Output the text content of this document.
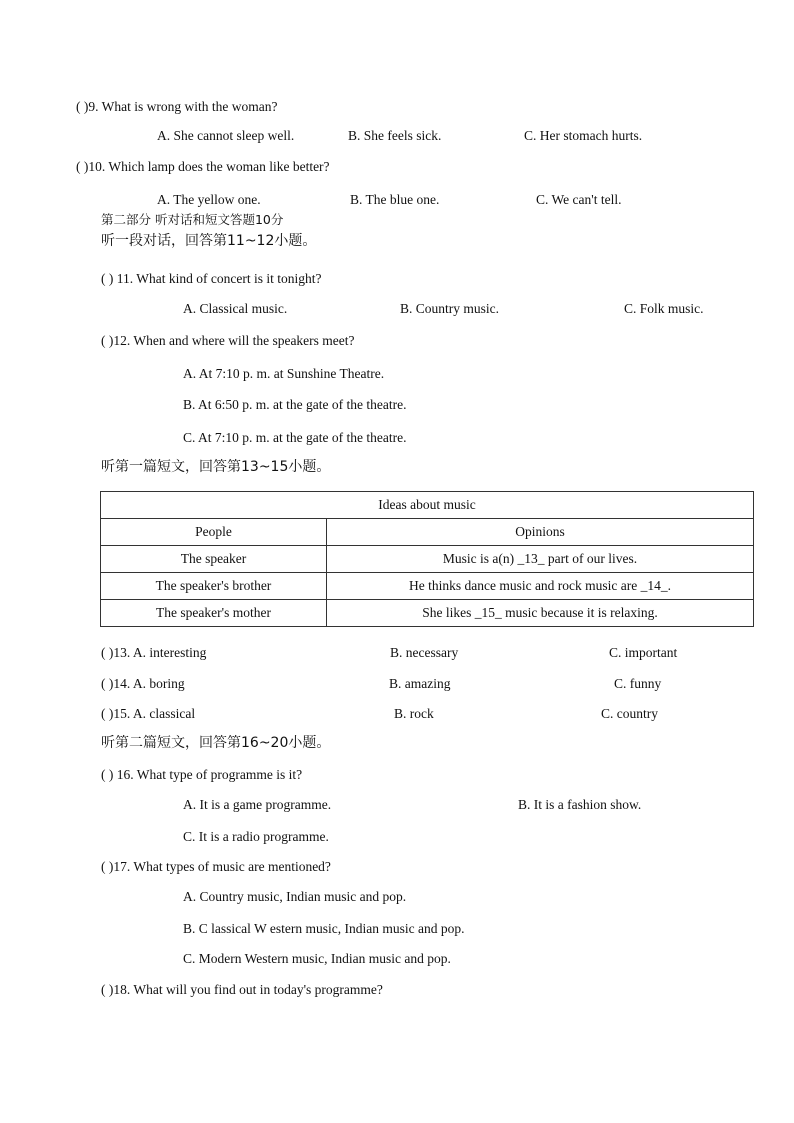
( )9. What is wrong with the woman?
A. She cannot sleep well.	B. She feels sick.	C. Her stomach hurts.
( )10. Which lamp does the woman like better?
A. The yellow one.	B. The blue one.	C. We can't tell.
第二部分 听对话和短文答题10分
听一段对话，回答第11~12小题。
( ) 11. What kind of concert is it tonight?
A. Classical music.	B. Country music.	C. Folk music.
( )12. When and where will the speakers meet?
A. At 7:10 p. m. at Sunshine Theatre.
B. At 6:50 p. m. at the gate of the theatre.
C. At 7:10 p. m. at the gate of the theatre.
听第一篇短文，回答第13~15小题。
Ideas about music	
People	Opinions
The speaker	Music is a(n) _13_ part of our lives.
The speaker's brother	He thinks dance music and rock music are _14_.
The speaker's mother	She likes _15_ music because it is relaxing.
( )13. A. interesting	B. necessary	C. important
( )14. A. boring	B. amazing	C. funny
( )15. A. classical	B. rock	C. country
听第二篇短文，回答第16~20小题。
( ) 16. What type of programme is it?
A. It is a game programme.	B. It is a fashion show.
C. It is a radio programme.
( )17. What types of music are mentioned?
A. Country music, Indian music and pop.
B. C lassical W estern music, Indian music and pop.
C. Modern Western music, Indian music and pop.
( )18. What will you find out in today's programme?
